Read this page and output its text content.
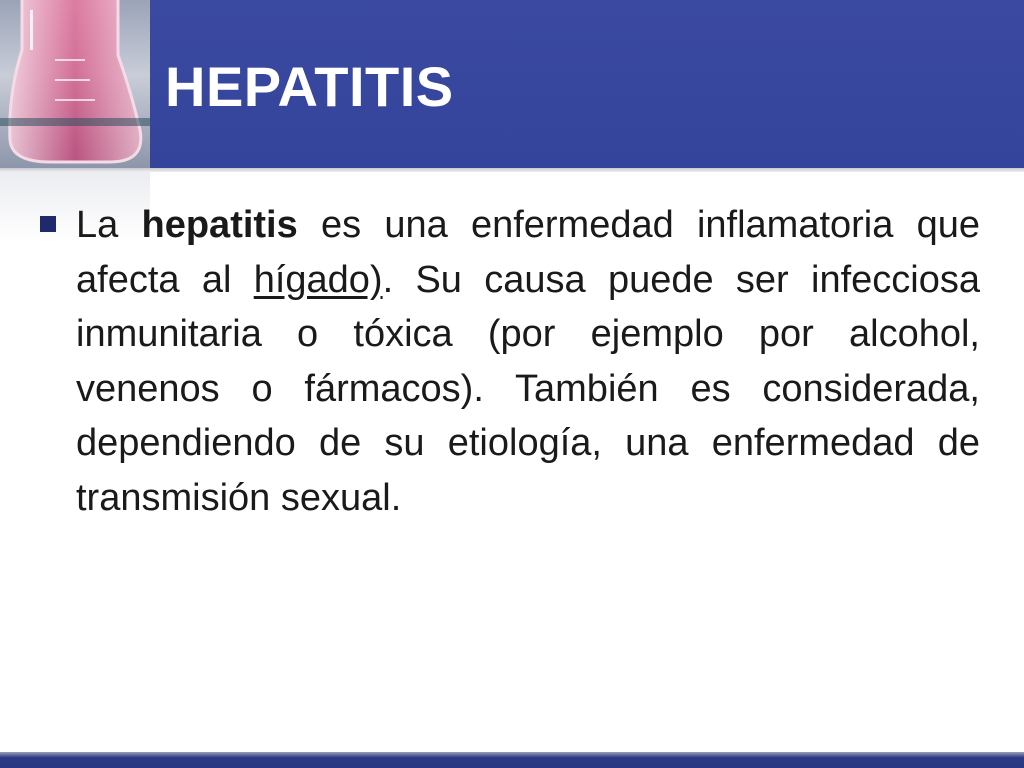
HEPATITIS

La hepatitis es una enfermedad inflamatoria que afecta al hígado). Su causa puede ser infecciosa inmunitaria o tóxica (por ejemplo por alcohol, venenos o fármacos). También es considerada, dependiendo de su etiología, una enfermedad de transmisión sexual.
